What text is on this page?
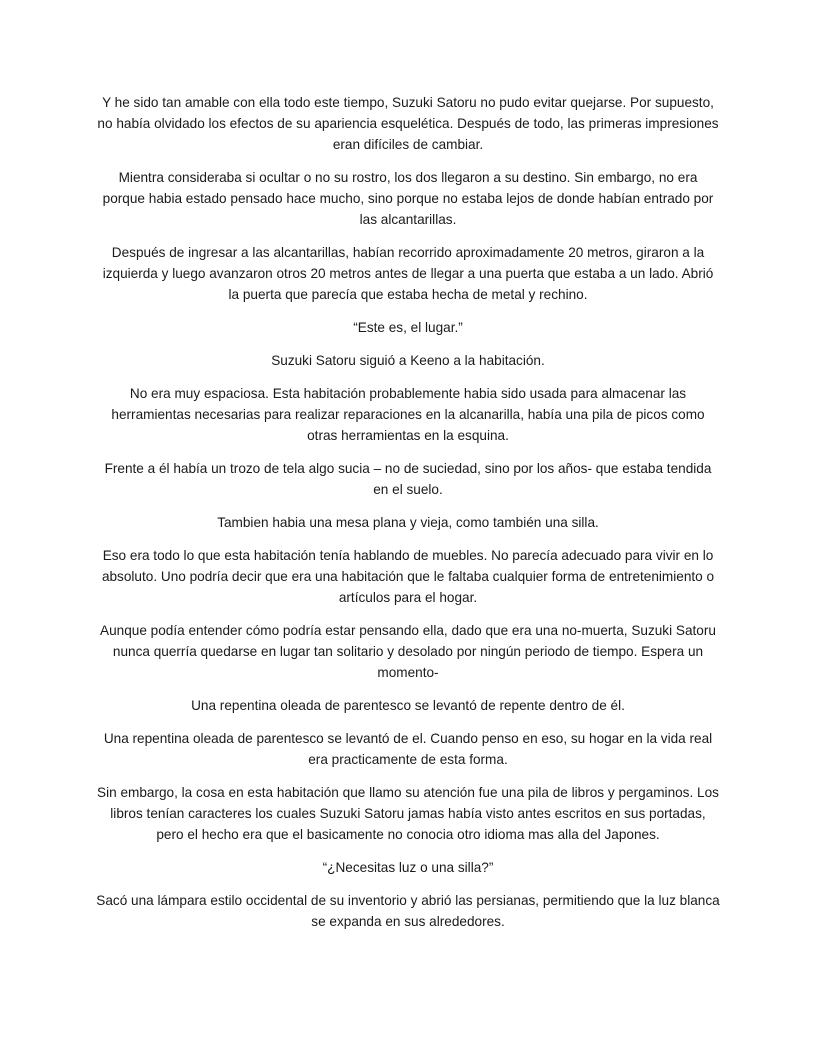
Y he sido tan amable con ella todo este tiempo, Suzuki Satoru no pudo evitar quejarse. Por supuesto, no había olvidado los efectos de su apariencia esquelética. Después de todo, las primeras impresiones eran difíciles de cambiar.

Mientra consideraba si ocultar o no su rostro, los dos llegaron a su destino. Sin embargo, no era porque habia estado pensado hace mucho, sino porque no estaba lejos de donde habían entrado por las alcantarillas.

Después de ingresar a las alcantarillas, habían recorrido aproximadamente 20 metros, giraron a la izquierda y luego avanzaron otros 20 metros antes de llegar a una puerta que estaba a un lado. Abrió la puerta que parecía que estaba hecha de metal y rechino.

“Este es, el lugar.”

Suzuki Satoru siguió a Keeno a la habitación.

No era muy espaciosa. Esta habitación probablemente habia sido usada para almacenar las herramientas necesarias para realizar reparaciones en la alcanarilla, había una pila de picos como otras herramientas en la esquina.

Frente a él había un trozo de tela algo sucia – no de suciedad, sino por los años- que estaba tendida en el suelo.

Tambien habia una mesa plana y vieja, como también una silla.

Eso era todo lo que esta habitación tenía hablando de muebles. No parecía adecuado para vivir en lo absoluto. Uno podría decir que era una habitación que le faltaba cualquier forma de entretenimiento o artículos para el hogar.

Aunque podía entender cómo podría estar pensando ella, dado que era una no-muerta, Suzuki Satoru nunca querría quedarse en lugar tan solitario y desolado por ningún periodo de tiempo. Espera un momento-

Una repentina oleada de parentesco se levantó de repente dentro de él.

Una repentina oleada de parentesco se levantó de el. Cuando penso en eso, su hogar en la vida real era practicamente de esta forma.

Sin embargo, la cosa en esta habitación que llamo su atención fue una pila de libros y pergaminos. Los libros tenían caracteres los cuales Suzuki Satoru jamas había visto antes escritos en sus portadas, pero el hecho era que el basicamente no conocia otro idioma mas alla del Japones.

“¿Necesitas luz o una silla?”

Sacó una lámpara estilo occidental de su inventorio y abrió las persianas, permitiendo que la luz blanca se expanda en sus alrededores.
